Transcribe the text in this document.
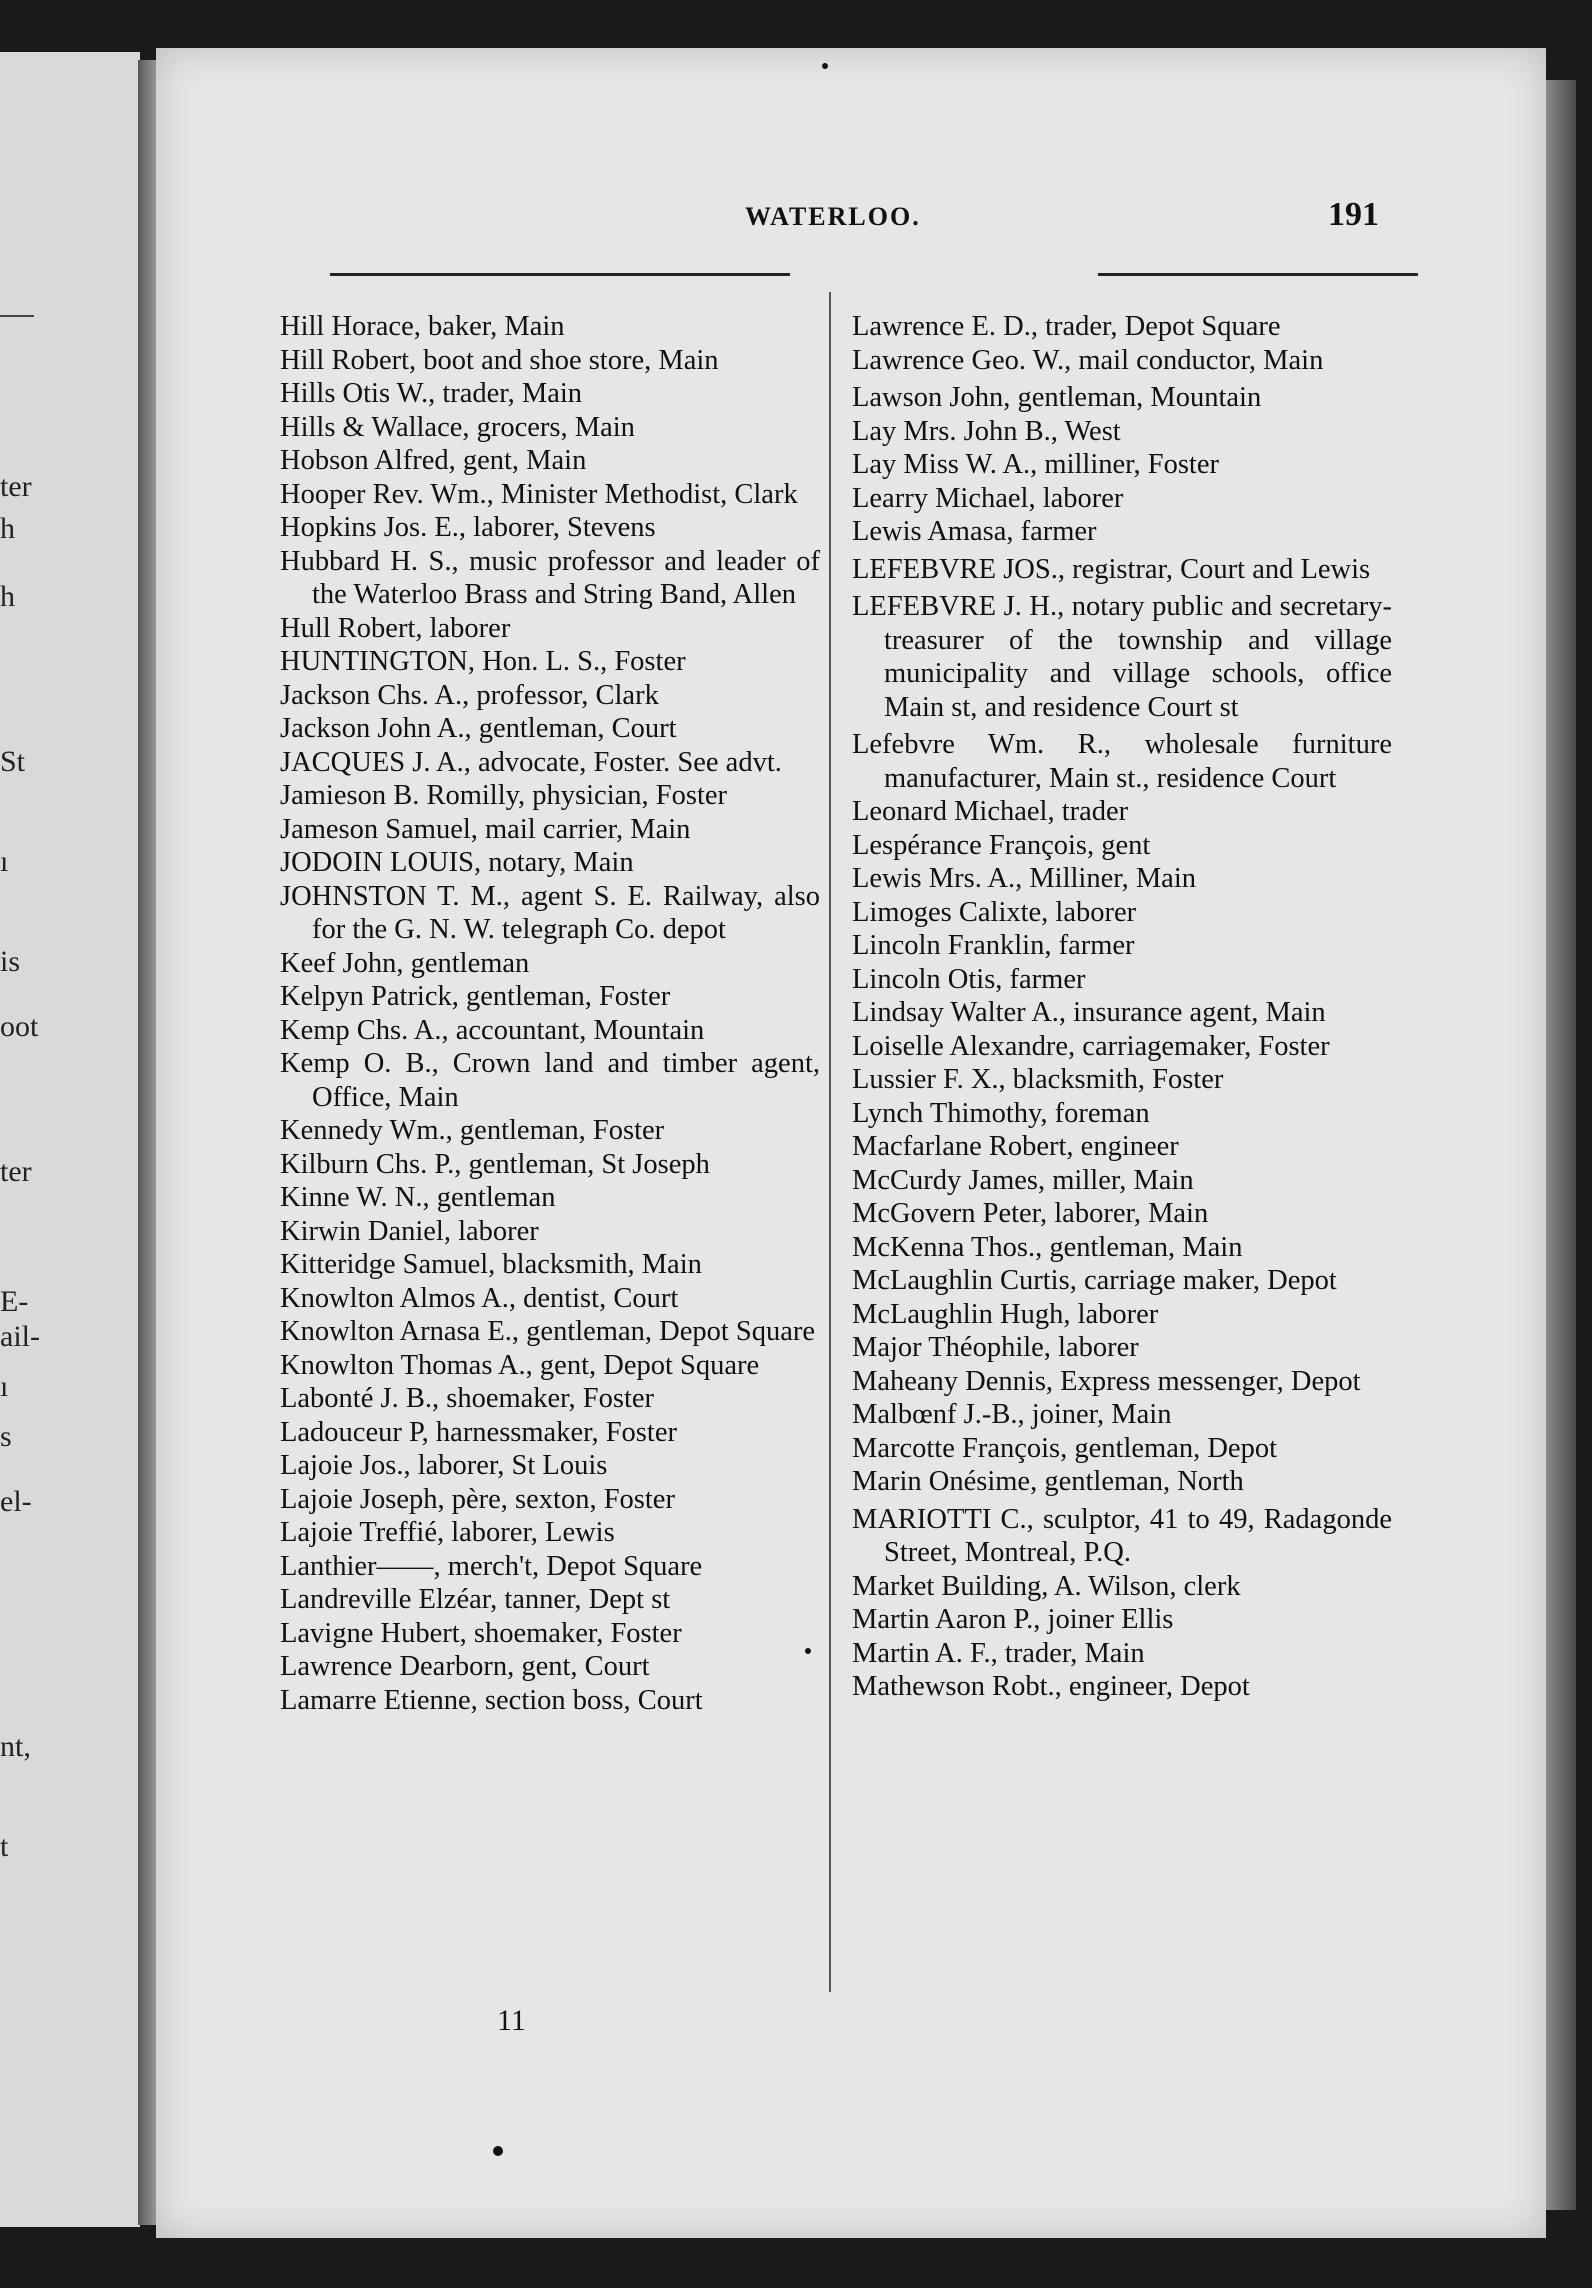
ter
h
h
St
ı
is
oot
ter
E-
ail-
ı
s
el-
nt,
t
WATERLOO.	191
Hill Horace, baker, Main
Hill Robert, boot and shoe store, Main
Hills Otis W., trader, Main
Hills & Wallace, grocers, Main
Hobson Alfred, gent, Main
Hooper Rev. Wm., Minister Methodist, Clark
Hopkins Jos. E., laborer, Stevens
Hubbard H. S., music professor and leader of the Waterloo Brass and String Band, Allen
Hull Robert, laborer
HUNTINGTON, Hon. L. S., Foster
Jackson Chs. A., professor, Clark
Jackson John A., gentleman, Court
JACQUES J. A., advocate, Foster. See advt.
Jamieson B. Romilly, physician, Foster
Jameson Samuel, mail carrier, Main
JODOIN LOUIS, notary, Main
JOHNSTON T. M., agent S. E. Railway, also for the G. N. W. telegraph Co. depot
Keef John, gentleman
Kelpyn Patrick, gentleman, Foster
Kemp Chs. A., accountant, Mountain
Kemp O. B., Crown land and timber agent, Office, Main
Kennedy Wm., gentleman, Foster
Kilburn Chs. P., gentleman, St Joseph
Kinne W. N., gentleman
Kirwin Daniel, laborer
Kitteridge Samuel, blacksmith, Main
Knowlton Almos A., dentist, Court
Knowlton Arnasa E., gentleman, Depot Square
Knowlton Thomas A., gent, Depot Square
Labonté J. B., shoemaker, Foster
Ladouceur P, harnessmaker, Foster
Lajoie Jos., laborer, St Louis
Lajoie Joseph, père, sexton, Foster
Lajoie Treffié, laborer, Lewis
Lanthier——, merch't, Depot Square
Landreville Elzéar, tanner, Dept st
Lavigne Hubert, shoemaker, Foster
Lawrence Dearborn, gent, Court
Lamarre Etienne, section boss, Court
Lawrence E. D., trader, Depot Square
Lawrence Geo. W., mail conductor, Main
Lawson John, gentleman, Mountain
Lay Mrs. John B., West
Lay Miss W. A., milliner, Foster
Learry Michael, laborer
Lewis Amasa, farmer
LEFEBVRE JOS., registrar, Court and Lewis
LEFEBVRE J. H., notary public and secretary-treasurer of the township and village municipality and village schools, office Main st, and residence Court st
Lefebvre Wm. R., wholesale furniture manufacturer, Main st., residence Court
Leonard Michael, trader
Lespérance François, gent
Lewis Mrs. A., Milliner, Main
Limoges Calixte, laborer
Lincoln Franklin, farmer
Lincoln Otis, farmer
Lindsay Walter A., insurance agent, Main
Loiselle Alexandre, carriagemaker, Foster
Lussier F. X., blacksmith, Foster
Lynch Thimothy, foreman
Macfarlane Robert, engineer
McCurdy James, miller, Main
McGovern Peter, laborer, Main
McKenna Thos., gentleman, Main
McLaughlin Curtis, carriage maker, Depot
McLaughlin Hugh, laborer
Major Théophile, laborer
Maheany Dennis, Express messenger, Depot
Malbœnf J.-B., joiner, Main
Marcotte François, gentleman, Depot
Marin Onésime, gentleman, North
MARIOTTI C., sculptor, 41 to 49, Radagonde Street, Montreal, P.Q.
Market Building, A. Wilson, clerk
Martin Aaron P., joiner Ellis
Martin A. F., trader, Main
Mathewson Robt., engineer, Depot
11
